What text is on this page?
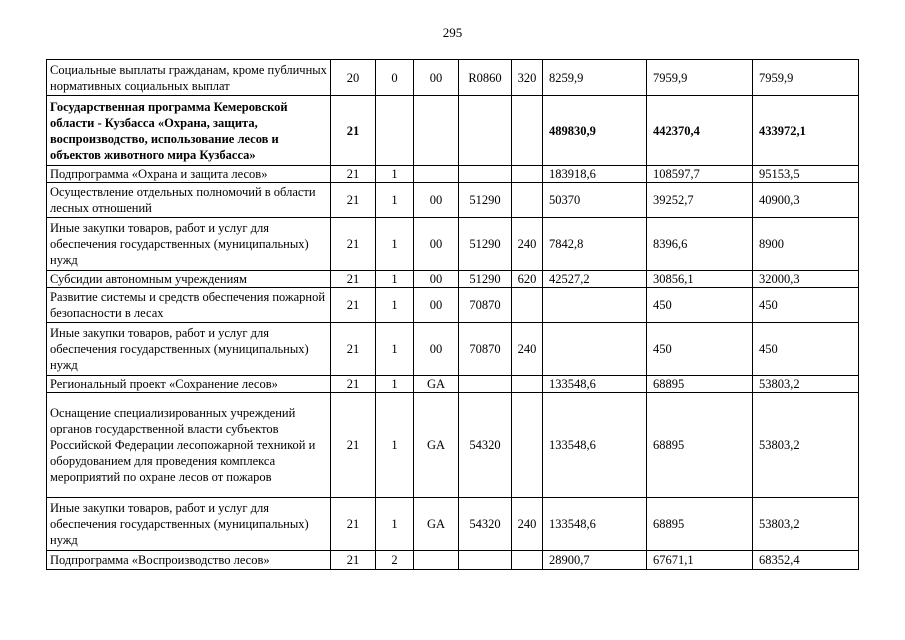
295
Социальные выплаты гражданам, кроме публичных нормативных социальных выплат	20	0	00	R0860	320	8259,9	7959,9	7959,9
Государственная программа Кемеровской области - Кузбасса «Охрана, защита, воспроизводство, использование лесов и объектов животного мира Кузбасса»	21					489830,9	442370,4	433972,1
Подпрограмма «Охрана и защита лесов»	21	1				183918,6	108597,7	95153,5
Осуществление отдельных полномочий в области лесных отношений	21	1	00	51290		50370	39252,7	40900,3
Иные закупки товаров, работ и услуг для обеспечения государственных (муниципальных) нужд	21	1	00	51290	240	7842,8	8396,6	8900
Субсидии автономным учреждениям	21	1	00	51290	620	42527,2	30856,1	32000,3
Развитие системы и средств обеспечения пожарной безопасности в лесах	21	1	00	70870			450	450
Иные закупки товаров, работ и услуг для обеспечения государственных (муниципальных) нужд	21	1	00	70870	240		450	450
Региональный проект «Сохранение лесов»	21	1	GA			133548,6	68895	53803,2
Оснащение специализированных учреждений органов государственной власти субъектов Российской Федерации лесопожарной техникой и оборудованием для проведения комплекса мероприятий по охране лесов от пожаров	21	1	GA	54320		133548,6	68895	53803,2
Иные закупки товаров, работ и услуг для обеспечения государственных (муниципальных) нужд	21	1	GA	54320	240	133548,6	68895	53803,2
Подпрограмма «Воспроизводство лесов»	21	2				28900,7	67671,1	68352,4
